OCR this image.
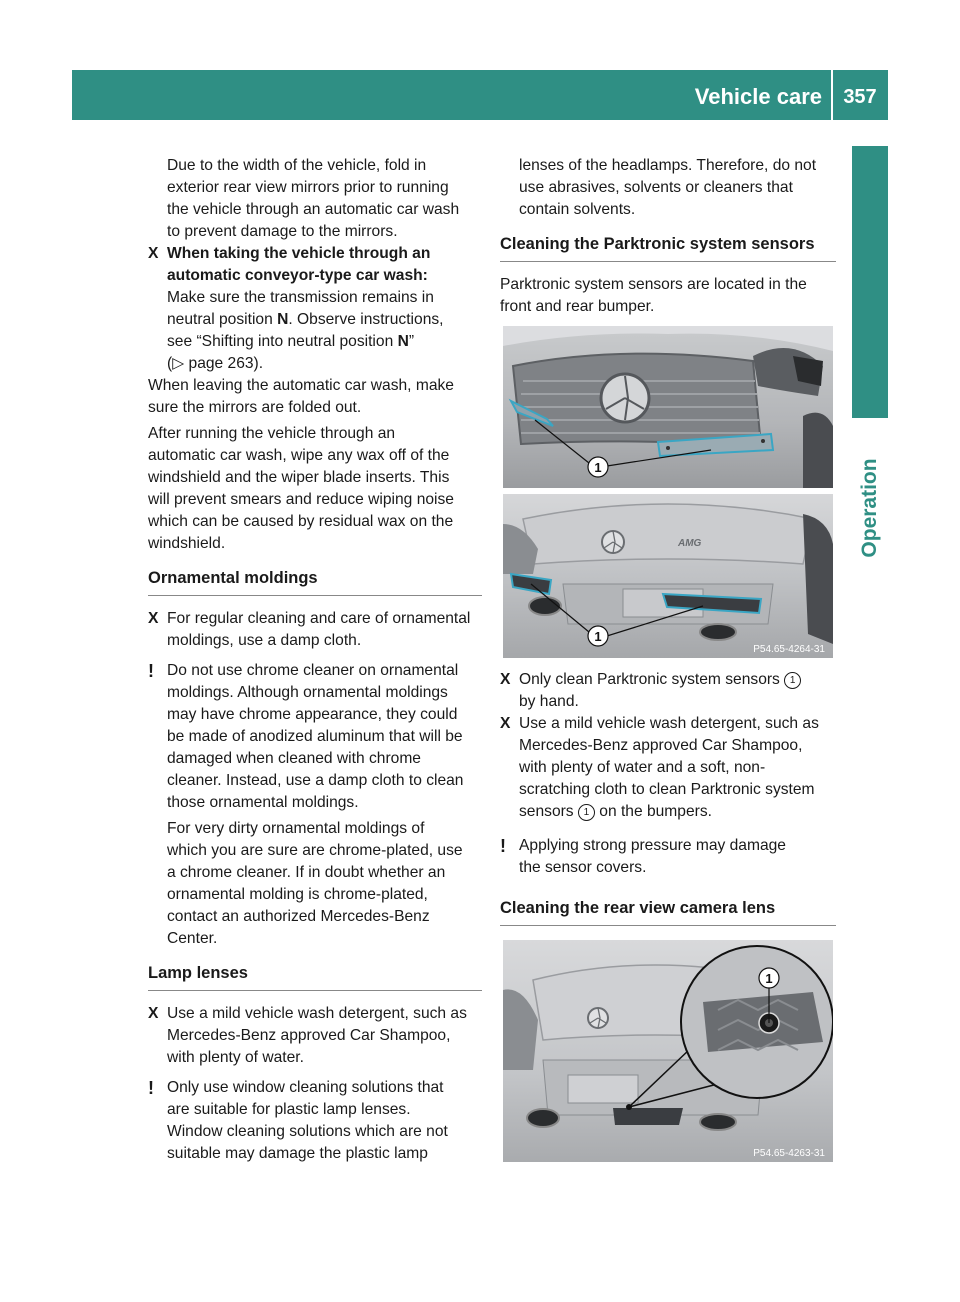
Vehicle care	357
Operation

Due to the width of the vehicle, fold in

exterior rear view mirrors prior to running

the vehicle through an automatic car wash

to prevent damage to the mirrors.

X When taking the vehicle through an

automatic conveyor-type car wash:

Make sure the transmission remains in

neutral position N. Observe instructions,

see “Shifting into neutral position N”

(▷ page 263).

When leaving the automatic car wash, make

sure the mirrors are folded out.

After running the vehicle through an

automatic car wash, wipe any wax off of the

windshield and the wiper blade inserts. This

will prevent smears and reduce wiping noise

which can be caused by residual wax on the

windshield.

Ornamental moldings

X For regular cleaning and care of ornamental

moldings, use a damp cloth.

! Do not use chrome cleaner on ornamental

moldings. Although ornamental moldings

may have chrome appearance, they could

be made of anodized aluminum that will be

damaged when cleaned with chrome

cleaner. Instead, use a damp cloth to clean

those ornamental moldings.

For very dirty ornamental moldings of

which you are sure are chrome-plated, use

a chrome cleaner. If in doubt whether an

ornamental molding is chrome-plated,

contact an authorized Mercedes-Benz

Center.

Lamp lenses

X Use a mild vehicle wash detergent, such as

Mercedes-Benz approved Car Shampoo,

with plenty of water.

! Only use window cleaning solutions that

are suitable for plastic lamp lenses.

Window cleaning solutions which are not

suitable may damage the plastic lamp

lenses of the headlamps. Therefore, do not

use abrasives, solvents or cleaners that

contain solvents.

Cleaning the Parktronic system sensors

Parktronic system sensors are located in the

front and rear bumper.

1
AMG
1
P54.65-4264-31
X Only clean Parktronic system sensors 1

by hand.

X Use a mild vehicle wash detergent, such as

Mercedes-Benz approved Car Shampoo,

with plenty of water and a soft, non-

scratching cloth to clean Parktronic system

sensors 1 on the bumpers.

! Applying strong pressure may damage

the sensor covers.

Cleaning the rear view camera lens

1
P54.65-4263-31
